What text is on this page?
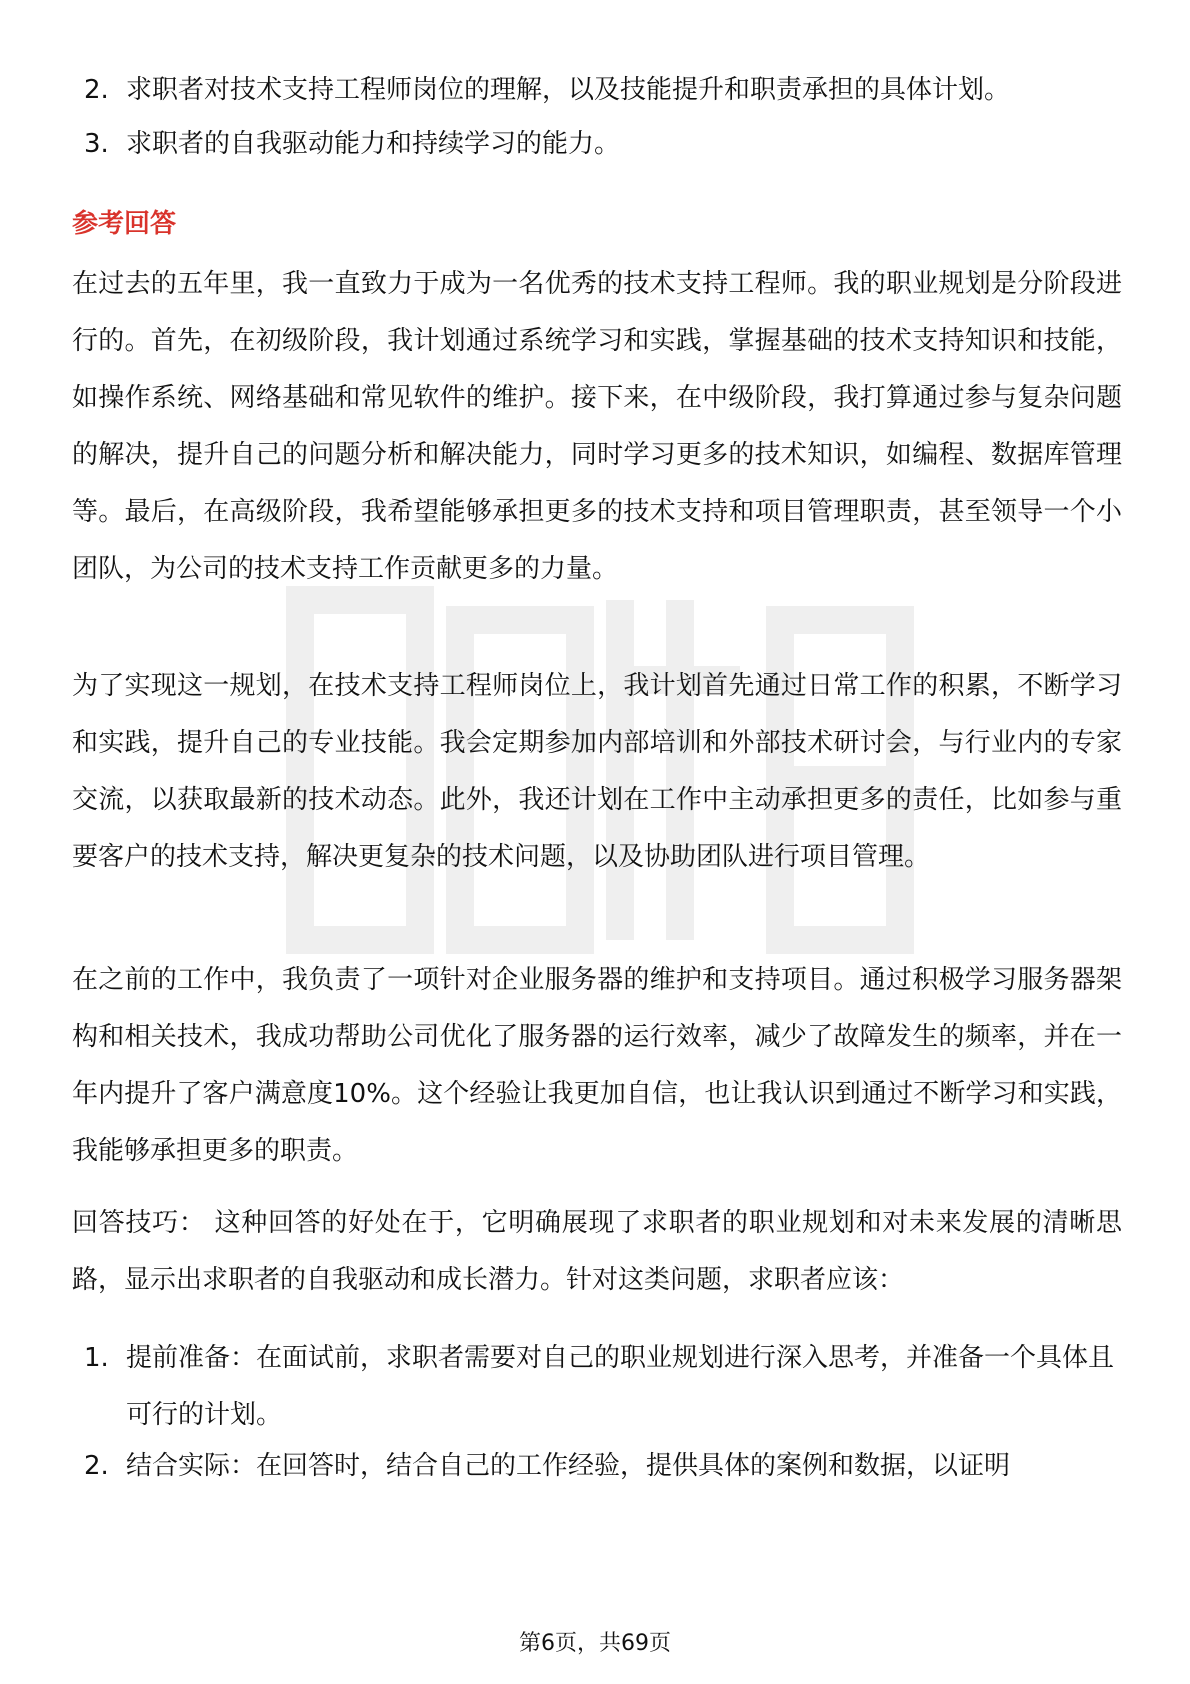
2. 求职者对技术支持工程师岗位的理解，以及技能提升和职责承担的具体计划。
3. 求职者的自我驱动能力和持续学习的能力。
参考回答
在过去的五年里，我一直致力于成为一名优秀的技术支持工程师。我的职业规划是分阶段进行的。首先，在初级阶段，我计划通过系统学习和实践，掌握基础的技术支持知识和技能，如操作系统、网络基础和常见软件的维护。接下来，在中级阶段，我打算通过参与复杂问题的解决，提升自己的问题分析和解决能力，同时学习更多的技术知识，如编程、数据库管理等。最后，在高级阶段，我希望能够承担更多的技术支持和项目管理职责，甚至领导一个小团队，为公司的技术支持工作贡献更多的力量。
为了实现这一规划，在技术支持工程师岗位上，我计划首先通过日常工作的积累，不断学习和实践，提升自己的专业技能。我会定期参加内部培训和外部技术研讨会，与行业内的专家交流，以获取最新的技术动态。此外，我还计划在工作中主动承担更多的责任，比如参与重要客户的技术支持，解决更复杂的技术问题，以及协助团队进行项目管理。
在之前的工作中，我负责了一项针对企业服务器的维护和支持项目。通过积极学习服务器架构和相关技术，我成功帮助公司优化了服务器的运行效率，减少了故障发生的频率，并在一年内提升了客户满意度10%。这个经验让我更加自信，也让我认识到通过不断学习和实践，我能够承担更多的职责。
回答技巧： 这种回答的好处在于，它明确展现了求职者的职业规划和对未来发展的清晰思路，显示出求职者的自我驱动和成长潜力。针对这类问题，求职者应该：
1. 提前准备：在面试前，求职者需要对自己的职业规划进行深入思考，并准备一个具体且可行的计划。
2. 结合实际：在回答时，结合自己的工作经验，提供具体的案例和数据，以证明
第6页，共69页
